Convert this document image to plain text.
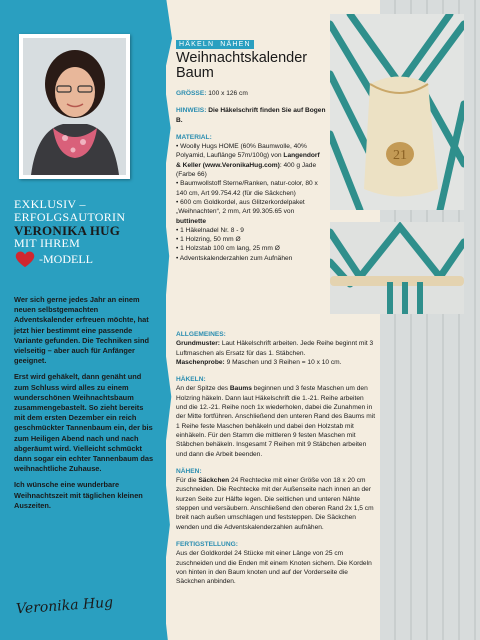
EXKLUSIV –
ERFOLGSAUTORIN
VERONIKA HUG
MIT IHREM
-MODELL

Wer sich gerne jedes Jahr an einem neuen selbstgemachten Adventskalender erfreuen möchte, hat jetzt hier bestimmt eine passende Variante gefunden. Die Techniken sind vielseitig – aber auch für Anfänger geeignet.

Erst wird gehäkelt, dann genäht und zum Schluss wird alles zu einem wunderschönen Weihnachtsbaum zusammengebastelt. So zieht bereits mit dem ersten Dezember ein reich geschmückter Tannenbaum ein, der bis zum Heiligen Abend nach und nach abgeräumt wird. Vielleicht schmückt dann sogar ein echter Tannenbaum das weihnachtliche Zuhause.

Ich wünsche eine wunderbare Weihnachtszeit mit täglichen kleinen Auszeiten.

Veronika Hug
HÄKELN NÄHEN
Weihnachtskalender
Baum
GRÖSSE: 100 x 126 cm
HINWEIS: Die Häkelschrift finden Sie auf Bogen B.
MATERIAL:
• Woolly Hugs HOME (60% Baumwolle, 40% Polyamid, Lauflänge 57m/100g) von Langendorf & Keller (www.VeronikaHug.com): 400 g Jade (Farbe 66)
• Baumwollstoff Sterne/Ranken, natur-color, 80 x 140 cm, Art 99.754.42 (für die Säckchen)
• 600 cm Goldkordel, aus Glitzerkordelpaket „Weihnachten“, 2 mm, Art 99.305.65 von buttinette
• 1 Häkelnadel Nr. 8 - 9
• 1 Holzring, 50 mm Ø
• 1 Holzstab 100 cm lang, 25 mm Ø
• Adventskalenderzahlen zum Aufnähen
21
ALLGEMEINES:
Grundmuster: Laut Häkelschrift arbeiten. Jede Reihe beginnt mit 3 Luftmaschen als Ersatz für das 1. Stäbchen.
Maschenprobe: 9 Maschen und 3 Reihen = 10 x 10 cm.
HÄKELN:
An der Spitze des Baums beginnen und 3 feste Maschen um den Holzring häkeln. Dann laut Häkelschrift die 1.-21. Reihe arbeiten und die 12.-21. Reihe noch 1x wiederholen, dabei die Zunahmen in der Mitte fortführen. Anschließend den unteren Rand des Baums mit 1 Reihe feste Maschen behäkeln und dabei den Holzstab mit einhäkeln. Für den Stamm die mittleren 9 festen Maschen mit Stäbchen behäkeln. Insgesamt 7 Reihen mit 9 Stäbchen arbeiten und dann die Arbeit beenden.
NÄHEN:
Für die Säckchen 24 Rechtecke mit einer Größe von 18 x 20 cm zuschneiden. Die Rechtecke mit der Außenseite nach innen an der kurzen Seite zur Hälfte legen. Die seitlichen und unteren Nähte steppen und versäubern. Anschließend den oberen Rand 2x 1,5 cm breit nach außen umschlagen und feststeppen. Die Säckchen wenden und die Adventskalenderzahlen aufnähen.
FERTIGSTELLUNG:
Aus der Goldkordel 24 Stücke mit einer Länge von 25 cm zuschneiden und die Enden mit einem Knoten sichern. Die Kordeln von hinten in den Baum knoten und auf der Vorderseite die Säckchen anbinden.
